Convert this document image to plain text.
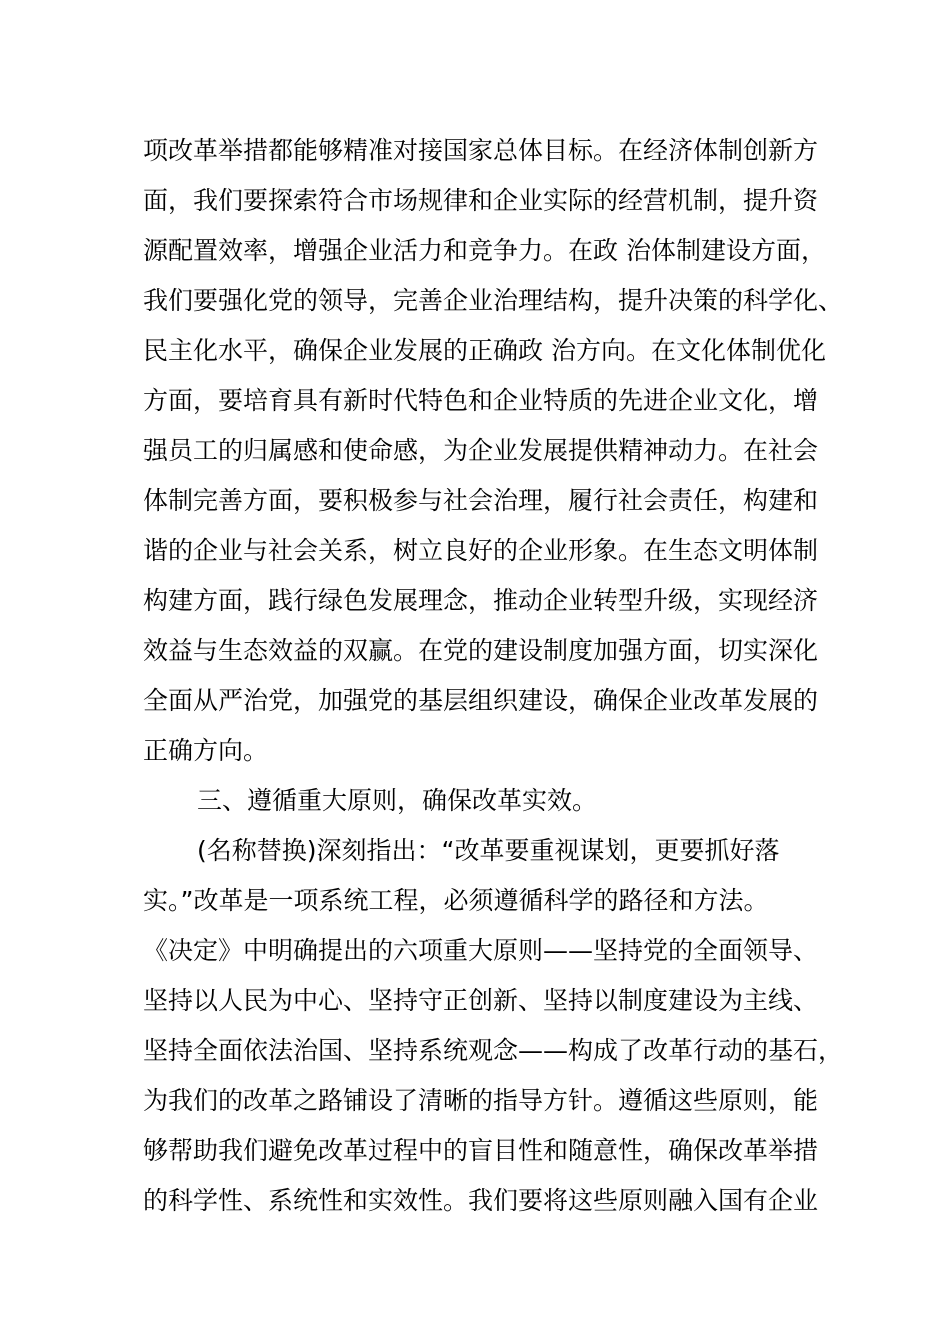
项改革举措都能够精准对接国家总体目标。在经济体制创新方

面，我们要探索符合市场规律和企业实际的经营机制，提升资

源配置效率，增强企业活力和竞争力。在政 治体制建设方面，

我们要强化党的领导，完善企业治理结构，提升决策的科学化、

民主化水平，确保企业发展的正确政 治方向。在文化体制优化

方面，要培育具有新时代特色和企业特质的先进企业文化，增

强员工的归属感和使命感，为企业发展提供精神动力。在社会

体制完善方面，要积极参与社会治理，履行社会责任，构建和

谐的企业与社会关系，树立良好的企业形象。在生态文明体制

构建方面，践行绿色发展理念，推动企业转型升级，实现经济

效益与生态效益的双赢。在党的建设制度加强方面，切实深化

全面从严治党，加强党的基层组织建设，确保企业改革发展的

正确方向。

三、遵循重大原则，确保改革实效。

(名称替换)深刻指出：“改革要重视谋划，更要抓好落

实。”改革是一项系统工程，必须遵循科学的路径和方法。

《决定》中明确提出的六项重大原则——坚持党的全面领导、

坚持以人民为中心、坚持守正创新、坚持以制度建设为主线、

坚持全面依法治国、坚持系统观念——构成了改革行动的基石，

为我们的改革之路铺设了清晰的指导方针。遵循这些原则，能

够帮助我们避免改革过程中的盲目性和随意性，确保改革举措

的科学性、系统性和实效性。我们要将这些原则融入国有企业
